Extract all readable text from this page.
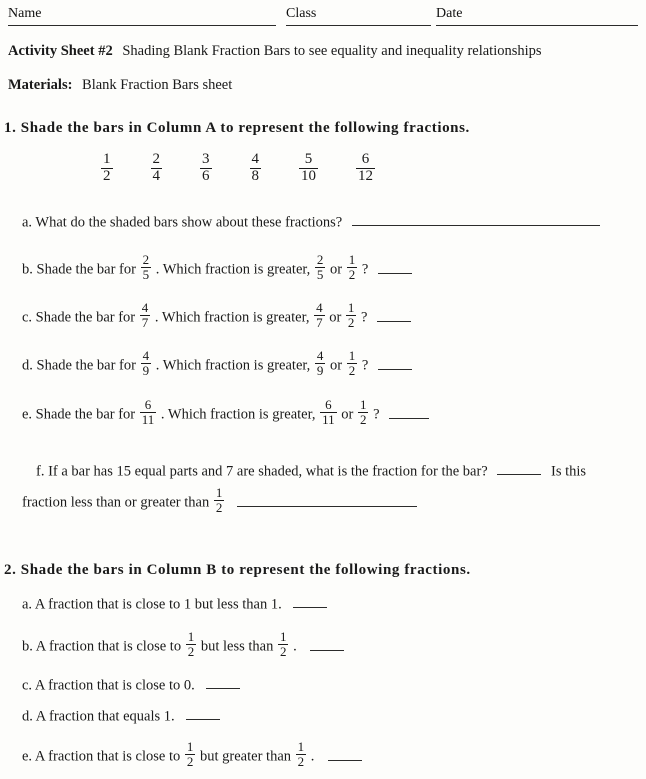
Name	Class	Date
Activity Sheet #2 Shading Blank Fraction Bars to see equality and inequality relationships
Materials: Blank Fraction Bars sheet
1. Shade the bars in Column A to represent the following fractions.
$\frac{1}{2}$	$\frac{2}{4}$	$\frac{3}{6}$	$\frac{4}{8}$	$\frac{5}{10}$	$\frac{6}{12}$
a. What do the shaded bars show about these fractions?
b. Shade the bar for $\frac{2}{5}$ . Which fraction is greater, $\frac{2}{5}$ or $\frac{1}{2}$ ?
c. Shade the bar for $\frac{4}{7}$ . Which fraction is greater, $\frac{4}{7}$ or $\frac{1}{2}$ ?
d. Shade the bar for $\frac{4}{9}$ . Which fraction is greater, $\frac{4}{9}$ or $\frac{1}{2}$ ?
e. Shade the bar for $\frac{6}{11}$ . Which fraction is greater, $\frac{6}{11}$ or $\frac{1}{2}$ ?
f. If a bar has 15 equal parts and 7 are shaded, what is the fraction for the bar?	Is this
fraction less than or greater than $\frac{1}{2}$

2. Shade the bars in Column B to represent the following fractions.
a. A fraction that is close to 1 but less than 1.
b. A fraction that is close to $\frac{1}{2}$ but less than $\frac{1}{2}$ .
c. A fraction that is close to 0.
d. A fraction that equals 1.
e. A fraction that is close to $\frac{1}{2}$ but greater than $\frac{1}{2}$ .
